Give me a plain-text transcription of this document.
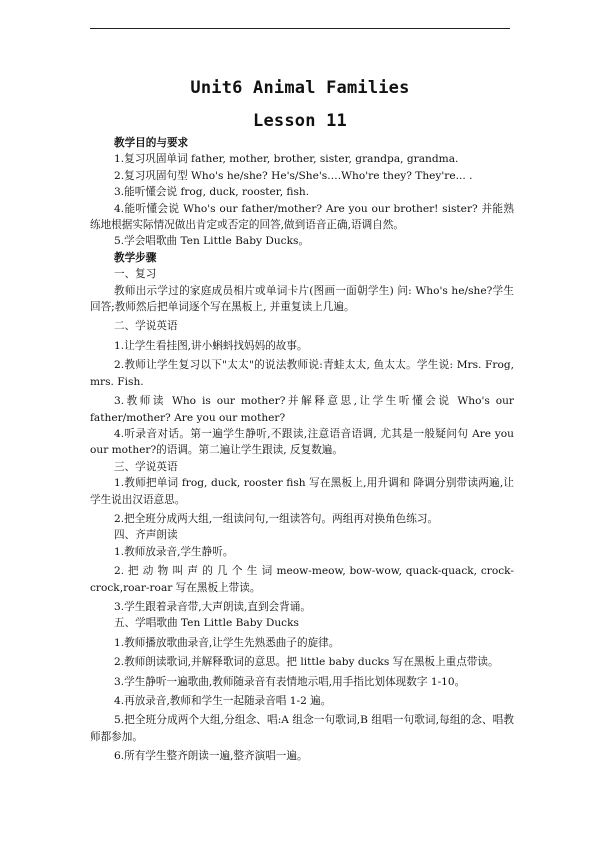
Unit6 Animal Families
Lesson 11
教学目的与要求
1.复习巩固单词 father, mother, brother, sister, grandpa, grandma.
2.复习巩固句型 Who's he/she? He's/She's.…Who're they? They're... .
3.能听懂会说 frog, duck, rooster, fish.
4.能听懂会说 Who's our father/mother? Are you our brother! sister? 并能熟练地根据实际情况做出肯定或否定的回答,做到语音正确,语调自然。
5.学会唱歌曲 Ten Little Baby Ducks。
教学步骤
一、复习
教师出示学过的家庭成员相片或单词卡片(图画一面朝学生) 问: Who's he/she?学生回答;教师然后把单词逐个写在黑板上, 并重复读上几遍。
二、学说英语
1.让学生看挂图,讲小蝌蚪找妈妈的故事。
2.教师让学生复习以下"太太"的说法教师说:青蛙太太, 鱼太太。学生说: Mrs. Frog, mrs. Fish.
3.教师读 Who is our mother?并解释意思,让学生听懂会说 Who's our father/mother? Are you our mother?
4.听录音对话。第一遍学生静听,不跟读,注意语音语调, 尤其是一般疑问句 Are you our mother?的语调。第二遍让学生跟读, 反复数遍。
三、学说英语
1.教师把单词 frog, duck, rooster fish 写在黑板上,用升调和 降调分别带读两遍,让学生说出汉语意思。
2.把全班分成两大组,一组读问句,一组读答句。两组再对换角色练习。
四、齐声朗读
1.教师放录音,学生静听。
2. 把 动 物 叫 声 的 几 个 生 词 meow-meow, bow-wow, quack-quack, crock-crock,roar-roar 写在黑板上带读。
3.学生跟着录音带,大声朗读,直到会背诵。
五、学唱歌曲 Ten Little Baby Ducks
1.教师播放歌曲录音,让学生先熟悉曲子的旋律。
2.教师朗读歌词,并解释歌词的意思。把 little baby ducks 写在黑板上重点带读。
3.学生静听一遍歌曲,教师随录音有表情地示唱,用手指比划体现数字 1-10。
4.再放录音,教师和学生一起随录音唱 1-2 遍。
5.把全班分成两个大组,分组念、唱:A 组念一句歌词,B 组唱一句歌词,每组的念、唱教师都参加。
6.所有学生整齐朗读一遍,整齐演唱一遍。
